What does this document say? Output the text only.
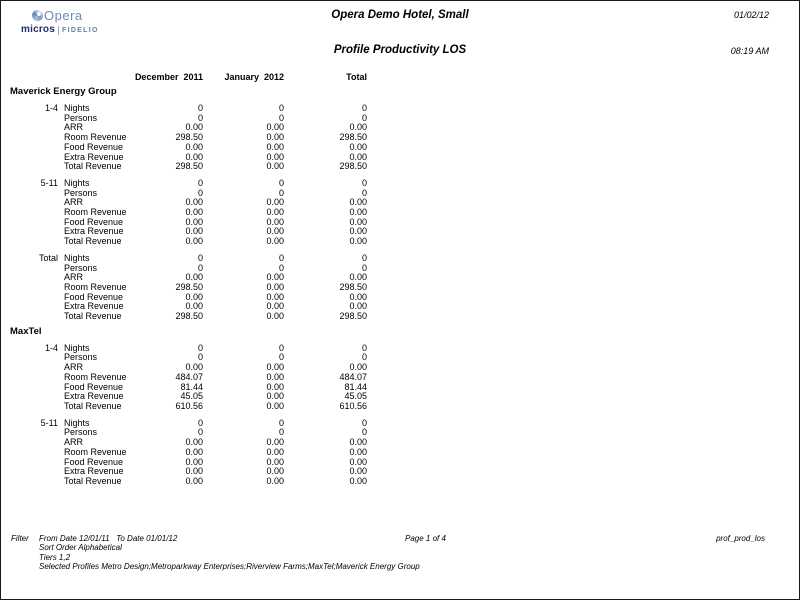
Opera
micros FIDELIO
Opera Demo Hotel, Small	01/02/12
Profile Productivity LOS	08:19 AM
December  2011 January  2012	Total
Maverick Energy Group
1-4 Nights	0	0	0
Persons	0	0	0
ARR	0.00	0.00	0.00
Room Revenue	298.50	0.00	298.50
Food Revenue	0.00	0.00	0.00
Extra Revenue	0.00	0.00	0.00
Total Revenue	298.50	0.00	298.50
5-11 Nights	0	0	0
Persons	0	0	0
ARR	0.00	0.00	0.00
Room Revenue	0.00	0.00	0.00
Food Revenue	0.00	0.00	0.00
Extra Revenue	0.00	0.00	0.00
Total Revenue	0.00	0.00	0.00
Total Nights	0	0	0
Persons	0	0	0
ARR	0.00	0.00	0.00
Room Revenue	298.50	0.00	298.50
Food Revenue	0.00	0.00	0.00
Extra Revenue	0.00	0.00	0.00
Total Revenue	298.50	0.00	298.50
MaxTel
1-4 Nights	0	0	0
Persons	0	0	0
ARR	0.00	0.00	0.00
Room Revenue	484.07	0.00	484.07
Food Revenue	81.44	0.00	81.44
Extra Revenue	45.05	0.00	45.05
Total Revenue	610.56	0.00	610.56
5-11 Nights	0	0	0
Persons	0	0	0
ARR	0.00	0.00	0.00
Room Revenue	0.00	0.00	0.00
Food Revenue	0.00	0.00	0.00
Extra Revenue	0.00	0.00	0.00
Total Revenue	0.00	0.00	0.00
Filter From Date 12/01/11   To Date 01/01/12
Sort Order Alphabetical
Tiers 1,2
Selected Profiles Metro Design;Metroparkway Enterprises;Riverview Farms;MaxTel;Maverick Energy Group
Page 1 of 4	prof_prod_los
